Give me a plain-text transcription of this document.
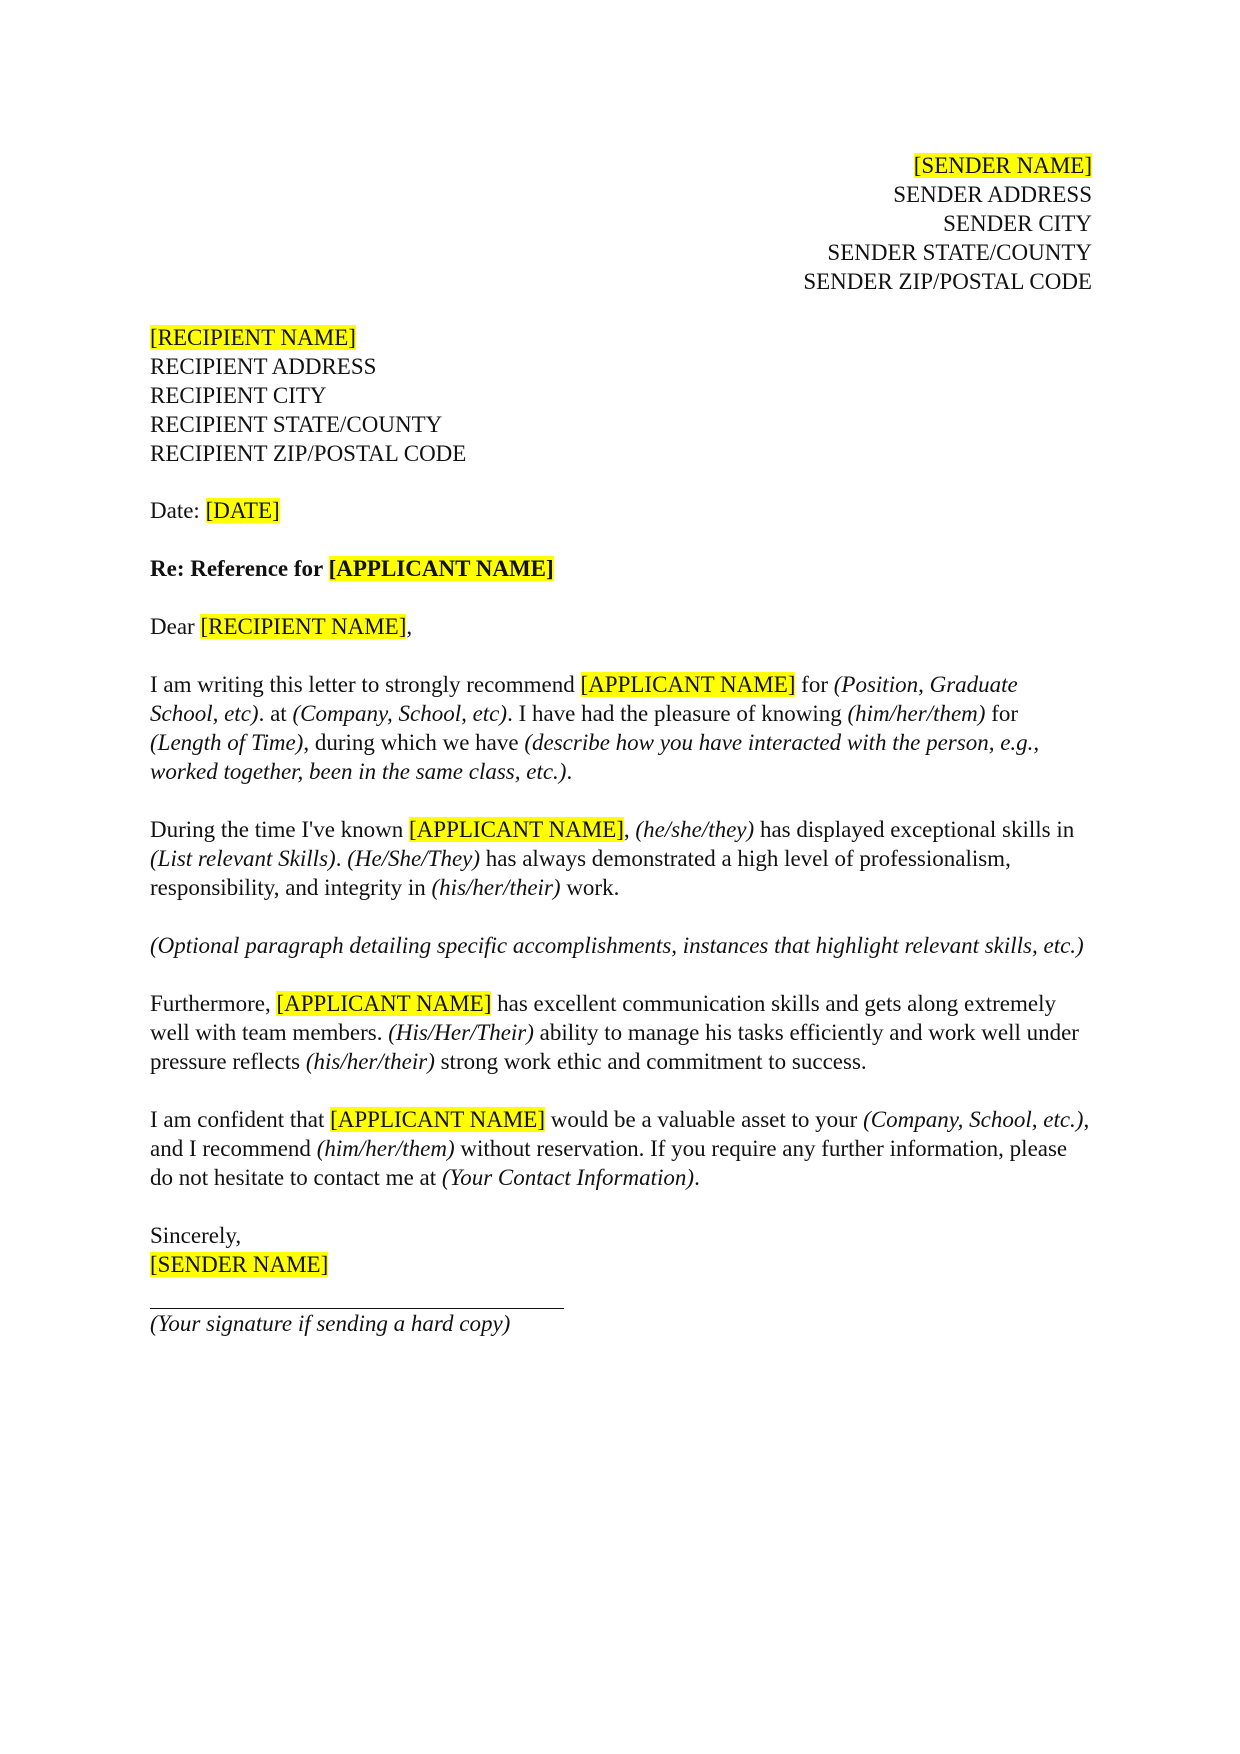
[SENDER NAME]
SENDER ADDRESS
SENDER CITY
SENDER STATE/COUNTY
SENDER ZIP/POSTAL CODE
[RECIPIENT NAME]
RECIPIENT ADDRESS
RECIPIENT CITY
RECIPIENT STATE/COUNTY
RECIPIENT ZIP/POSTAL CODE

Date: [DATE]

Re: Reference for [APPLICANT NAME]

Dear [RECIPIENT NAME],

I am writing this letter to strongly recommend [APPLICANT NAME] for (Position, Graduate School, etc). at (Company, School, etc). I have had the pleasure of knowing (him/her/them) for (Length of Time), during which we have (describe how you have interacted with the person, e.g., worked together, been in the same class, etc.).

During the time I've known [APPLICANT NAME], (he/she/they) has displayed exceptional skills in (List relevant Skills). (He/She/They) has always demonstrated a high level of professionalism, responsibility, and integrity in (his/her/their) work.

(Optional paragraph detailing specific accomplishments, instances that highlight relevant skills, etc.)

Furthermore, [APPLICANT NAME] has excellent communication skills and gets along extremely well with team members. (His/Her/Their) ability to manage his tasks efficiently and work well under pressure reflects (his/her/their) strong work ethic and commitment to success.

I am confident that [APPLICANT NAME] would be a valuable asset to your (Company, School, etc.), and I recommend (him/her/them) without reservation. If you require any further information, please do not hesitate to contact me at (Your Contact Information).

Sincerely,
[SENDER NAME]
(Your signature if sending a hard copy)
